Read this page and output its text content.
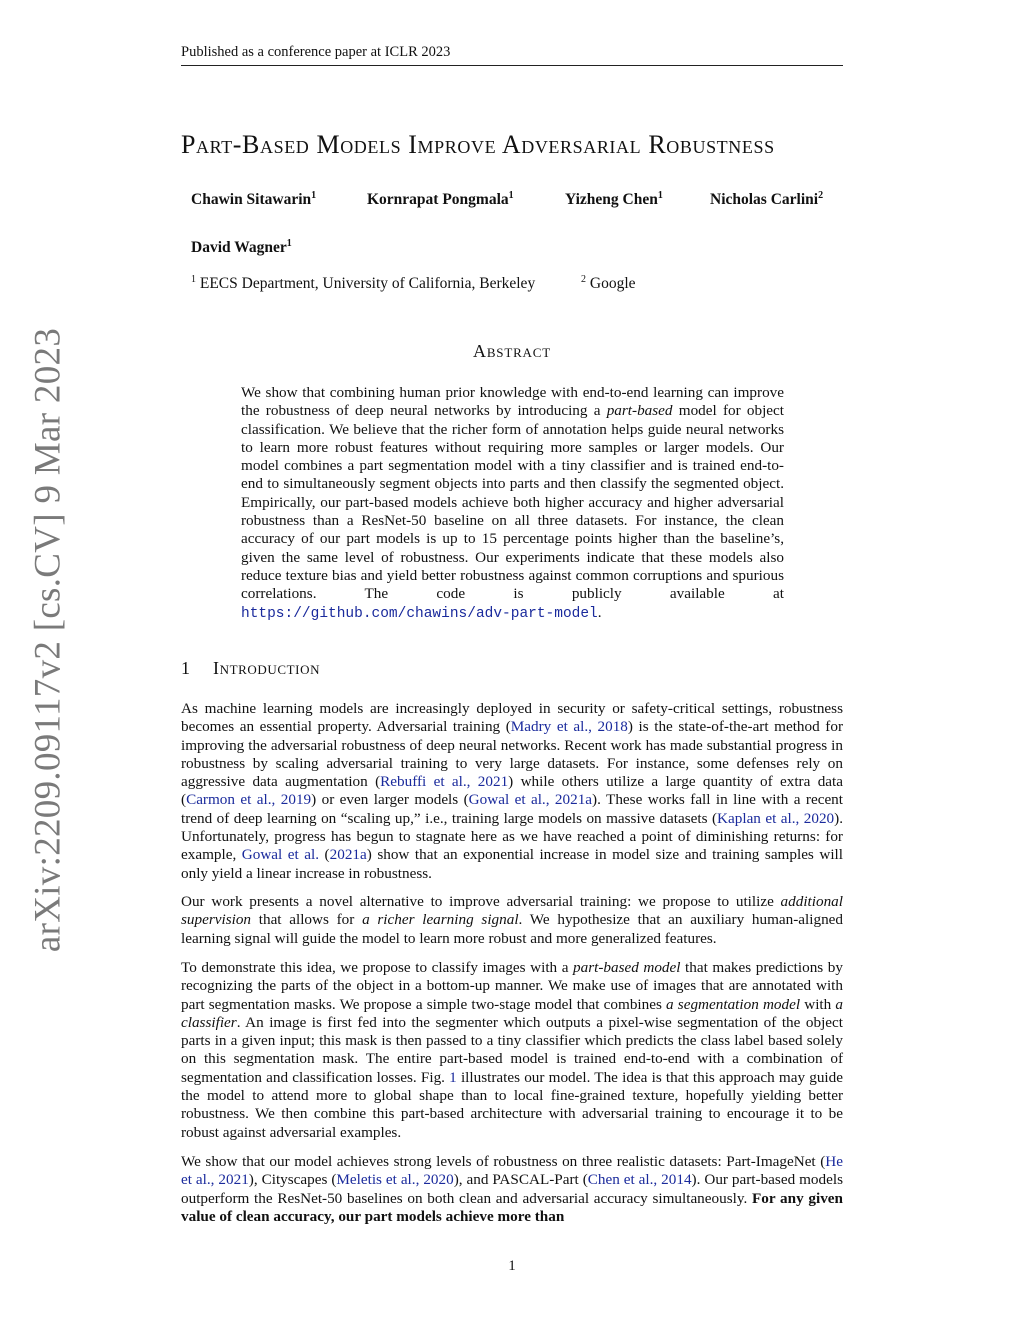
Published as a conference paper at ICLR 2023
arXiv:2209.09117v2 [cs.CV] 9 Mar 2023
Part-Based Models Improve Adversarial Robustness
Chawin Sitawarin$^1$	Kornrapat Pongmala$^1$	Yizheng Chen$^1$	Nicholas Carlini$^2$
David Wagner$^1$
$^1$ EECS Department, University of California, Berkeley	$^2$ Google
Abstract
We show that combining human prior knowledge with end-to-end learning can improve the robustness of deep neural networks by introducing a part-based model for object classification. We believe that the richer form of annotation helps guide neural networks to learn more robust features without requiring more samples or larger models. Our model combines a part segmentation model with a tiny classifier and is trained end-to-end to simultaneously segment objects into parts and then classify the segmented object. Empirically, our part-based models achieve both higher accuracy and higher adversarial robustness than a ResNet-50 baseline on all three datasets. For instance, the clean accuracy of our part models is up to 15 percentage points higher than the baseline’s, given the same level of robustness. Our experiments indicate that these models also reduce texture bias and yield better robustness against common corruptions and spurious correlations. The code is publicly available at https://github.com/chawins/adv-part-model.
1 Introduction
As machine learning models are increasingly deployed in security or safety-critical settings, robustness becomes an essential property. Adversarial training (Madry et al., 2018) is the state-of-the-art method for improving the adversarial robustness of deep neural networks. Recent work has made substantial progress in robustness by scaling adversarial training to very large datasets. For instance, some defenses rely on aggressive data augmentation (Rebuffi et al., 2021) while others utilize a large quantity of extra data (Carmon et al., 2019) or even larger models (Gowal et al., 2021a). These works fall in line with a recent trend of deep learning on “scaling up,” i.e., training large models on massive datasets (Kaplan et al., 2020). Unfortunately, progress has begun to stagnate here as we have reached a point of diminishing returns: for example, Gowal et al. (2021a) show that an exponential increase in model size and training samples will only yield a linear increase in robustness.
Our work presents a novel alternative to improve adversarial training: we propose to utilize additional supervision that allows for a richer learning signal. We hypothesize that an auxiliary human-aligned learning signal will guide the model to learn more robust and more generalized features.
To demonstrate this idea, we propose to classify images with a part-based model that makes predictions by recognizing the parts of the object in a bottom-up manner. We make use of images that are annotated with part segmentation masks. We propose a simple two-stage model that combines a segmentation model with a classifier. An image is first fed into the segmenter which outputs a pixel-wise segmentation of the object parts in a given input; this mask is then passed to a tiny classifier which predicts the class label based solely on this segmentation mask. The entire part-based model is trained end-to-end with a combination of segmentation and classification losses. Fig. 1 illustrates our model. The idea is that this approach may guide the model to attend more to global shape than to local fine-grained texture, hopefully yielding better robustness. We then combine this part-based architecture with adversarial training to encourage it to be robust against adversarial examples.
We show that our model achieves strong levels of robustness on three realistic datasets: Part-ImageNet (He et al., 2021), Cityscapes (Meletis et al., 2020), and PASCAL-Part (Chen et al., 2014). Our part-based models outperform the ResNet-50 baselines on both clean and adversarial accuracy simultaneously. For any given value of clean accuracy, our part models achieve more than
1
